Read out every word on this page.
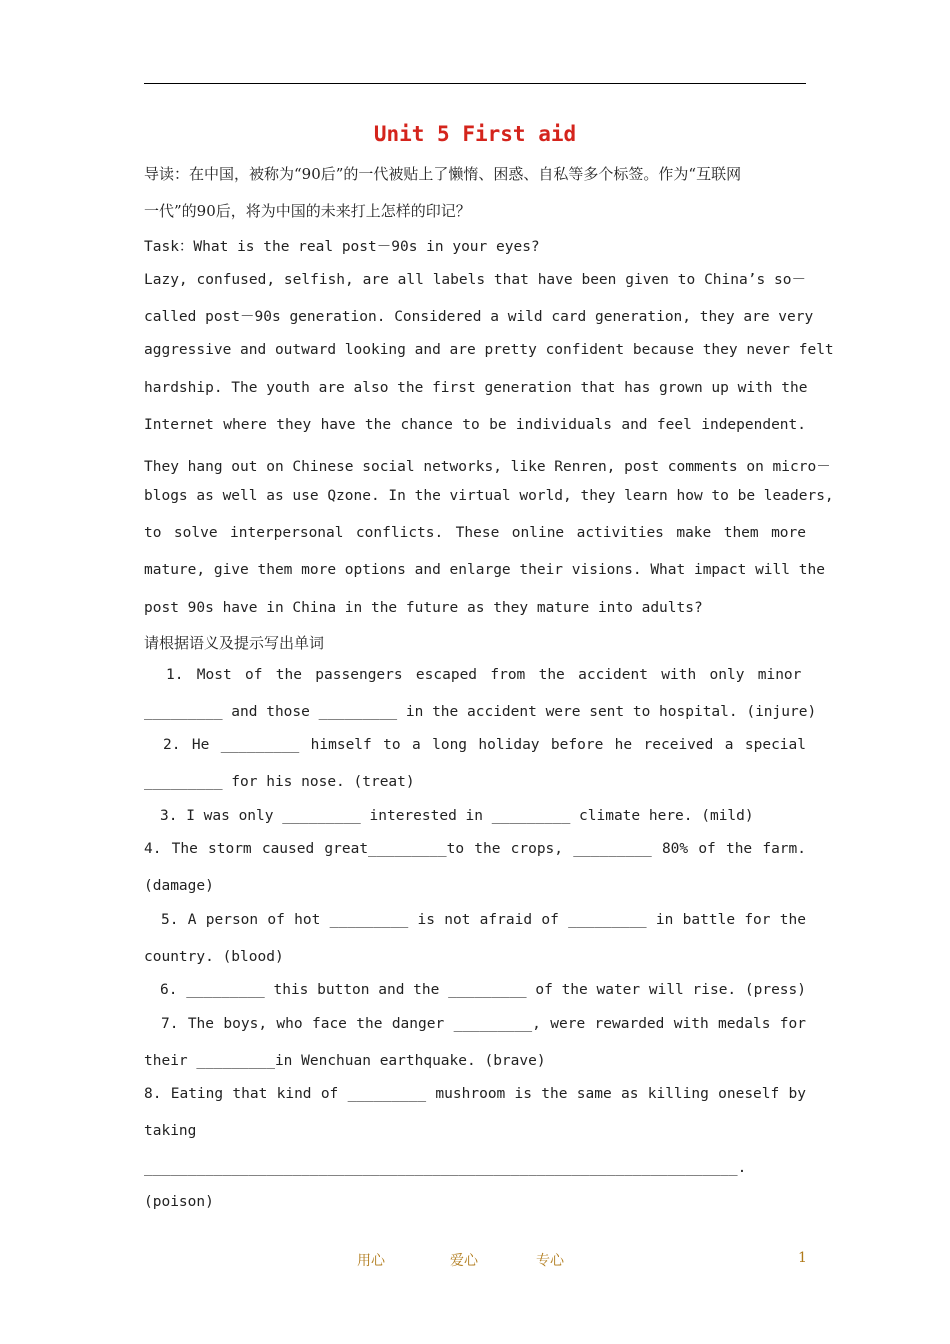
Unit 5 First aid
导读：在中国，被称为“90后”的一代被贴上了懒惰、困惑、自私等多个标签。作为“互联网
一代”的90后，将为中国的未来打上怎样的印记？
Task：What is the real post－90s in your eyes?
Lazy, confused, selfish, are all labels that have been given to China’s so－
called post－90s generation. Considered a wild card generation, they are very
aggressive and outward looking and are pretty confident because they never felt
hardship. The youth are also the first generation that has grown up with the
Internet where they have the chance to be individuals and feel independent.
They hang out on Chinese social networks, like Renren, post comments on micro－
blogs as well as use Qzone. In the virtual world, they learn how to be leaders,
to solve interpersonal conflicts. These online activities make them more
mature, give them more options and enlarge their visions. What impact will the
post 90s have in China in the future as they mature into adults?
请根据语义及提示写出单词
1. Most of the passengers escaped from the accident with only minor
_________ and those _________ in the accident were sent to hospital. (injure)
2. He _________ himself to a long holiday before he received a special
_________ for his nose. (treat)
3. I was only _________ interested in _________ climate here. (mild)
4. The storm caused great_________to the crops, _________ 80% of the farm.
(damage)
5. A person of hot _________ is not afraid of _________ in battle for the
country. (blood)
6. _________ this button and the _________ of the water will rise. (press)
7. The boys, who face the danger _________, were rewarded with medals for
their _________in Wenchuan earthquake. (brave)
8. Eating that kind of _________ mushroom is the same as killing oneself by
taking
____________________________________________________________________.
(poison)
用心	爱心	专心	1
